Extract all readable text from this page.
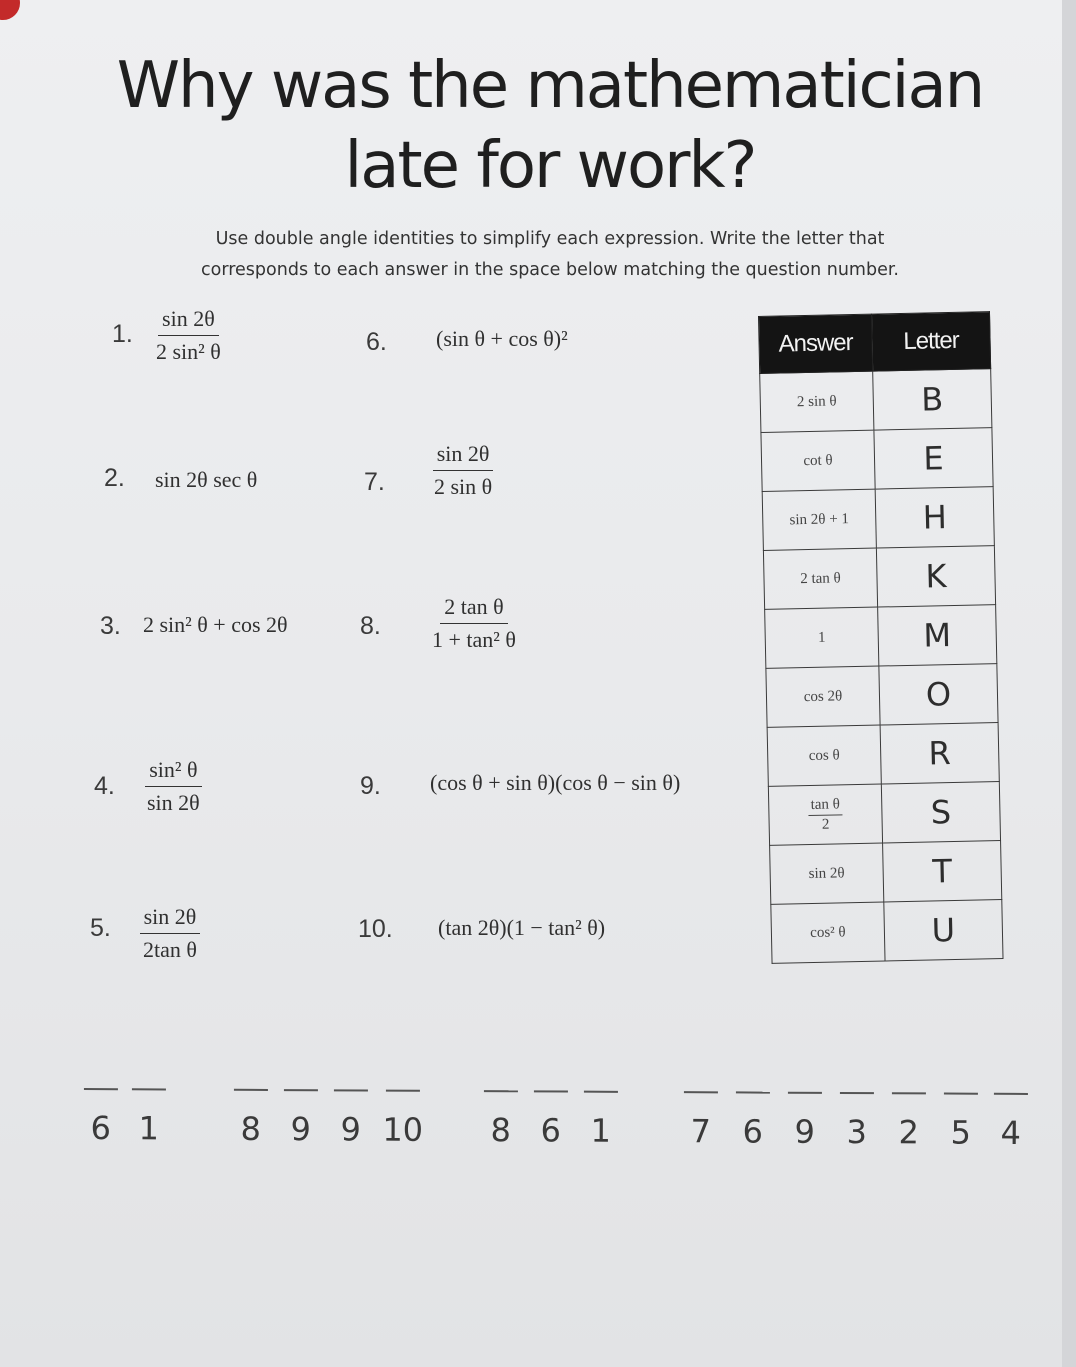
Why was the mathematician
late for work?

Use double angle identities to simplify each expression. Write the letter that
corresponds to each answer in the space below matching the question number.

1. $\frac{\sin 2\theta}{\text{2 sin² θ}}$
2. sin 2θ sec θ
3. 2 sin² θ + cos 2θ
4. $\frac{\text{sin² θ}}{\sin 2\theta}$
5. $\frac{\sin 2\theta}{\text{2tan θ}}$
6. (sin θ + cos θ)²
7. $\frac{\sin 2\theta}{\text{2 sin θ}}$
8. $\frac{\text{2 tan θ}}{\text{1 + tan² θ}}$
9. (cos θ + sin θ)(cos θ − sin θ)
10. (tan 2θ)(1 − tan² θ)
Answer	Letter
2 sin θ	B
cot θ	E
sin 2θ + 1	H
2 tan θ	K
1	M
cos 2θ	O
cos θ	R

$\frac{\text{tan θ}}{2}$	S
sin 2θ	T
cos² θ	U
6 1	8 9 9 10	8 6 1	7 6 9 3 2 5 4
